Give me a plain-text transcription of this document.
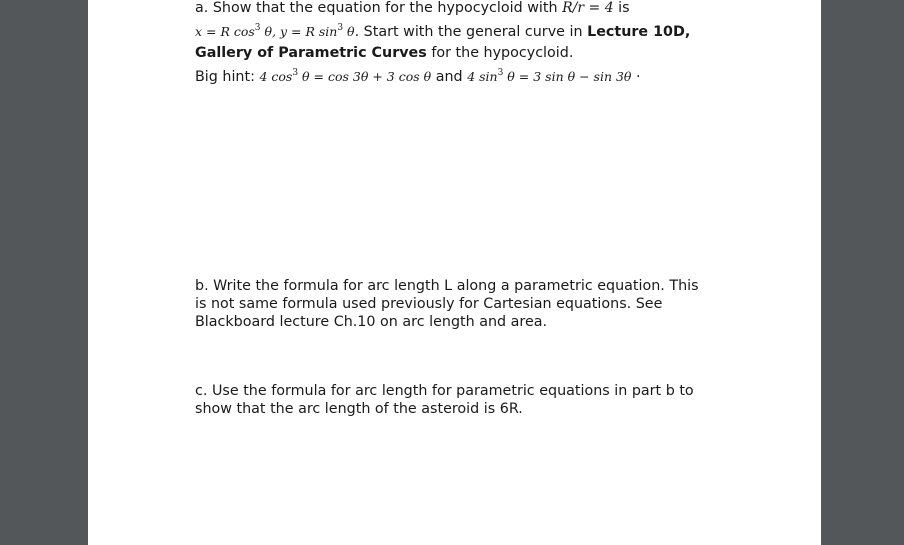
a. Show that the equation for the hypocycloid with R/r = 4 is
x = R $\cos^3 \theta$, y = R $\sin^3 \theta$. Start with the general curve in Lecture 10D,
Gallery of Parametric Curves for the hypocycloid.
Big hint: 4 $\cos^3 \theta = \cos 3\theta + 3$ cos θ and 4 $\sin^3 \theta = 3$ sin θ − sin 3θ ·
b. Write the formula for arc length L along a parametric equation. This
is not same formula used previously for Cartesian equations. See
Blackboard lecture Ch.10 on arc length and area.
c. Use the formula for arc length for parametric equations in part b to
show that the arc length of the asteroid is 6R.
